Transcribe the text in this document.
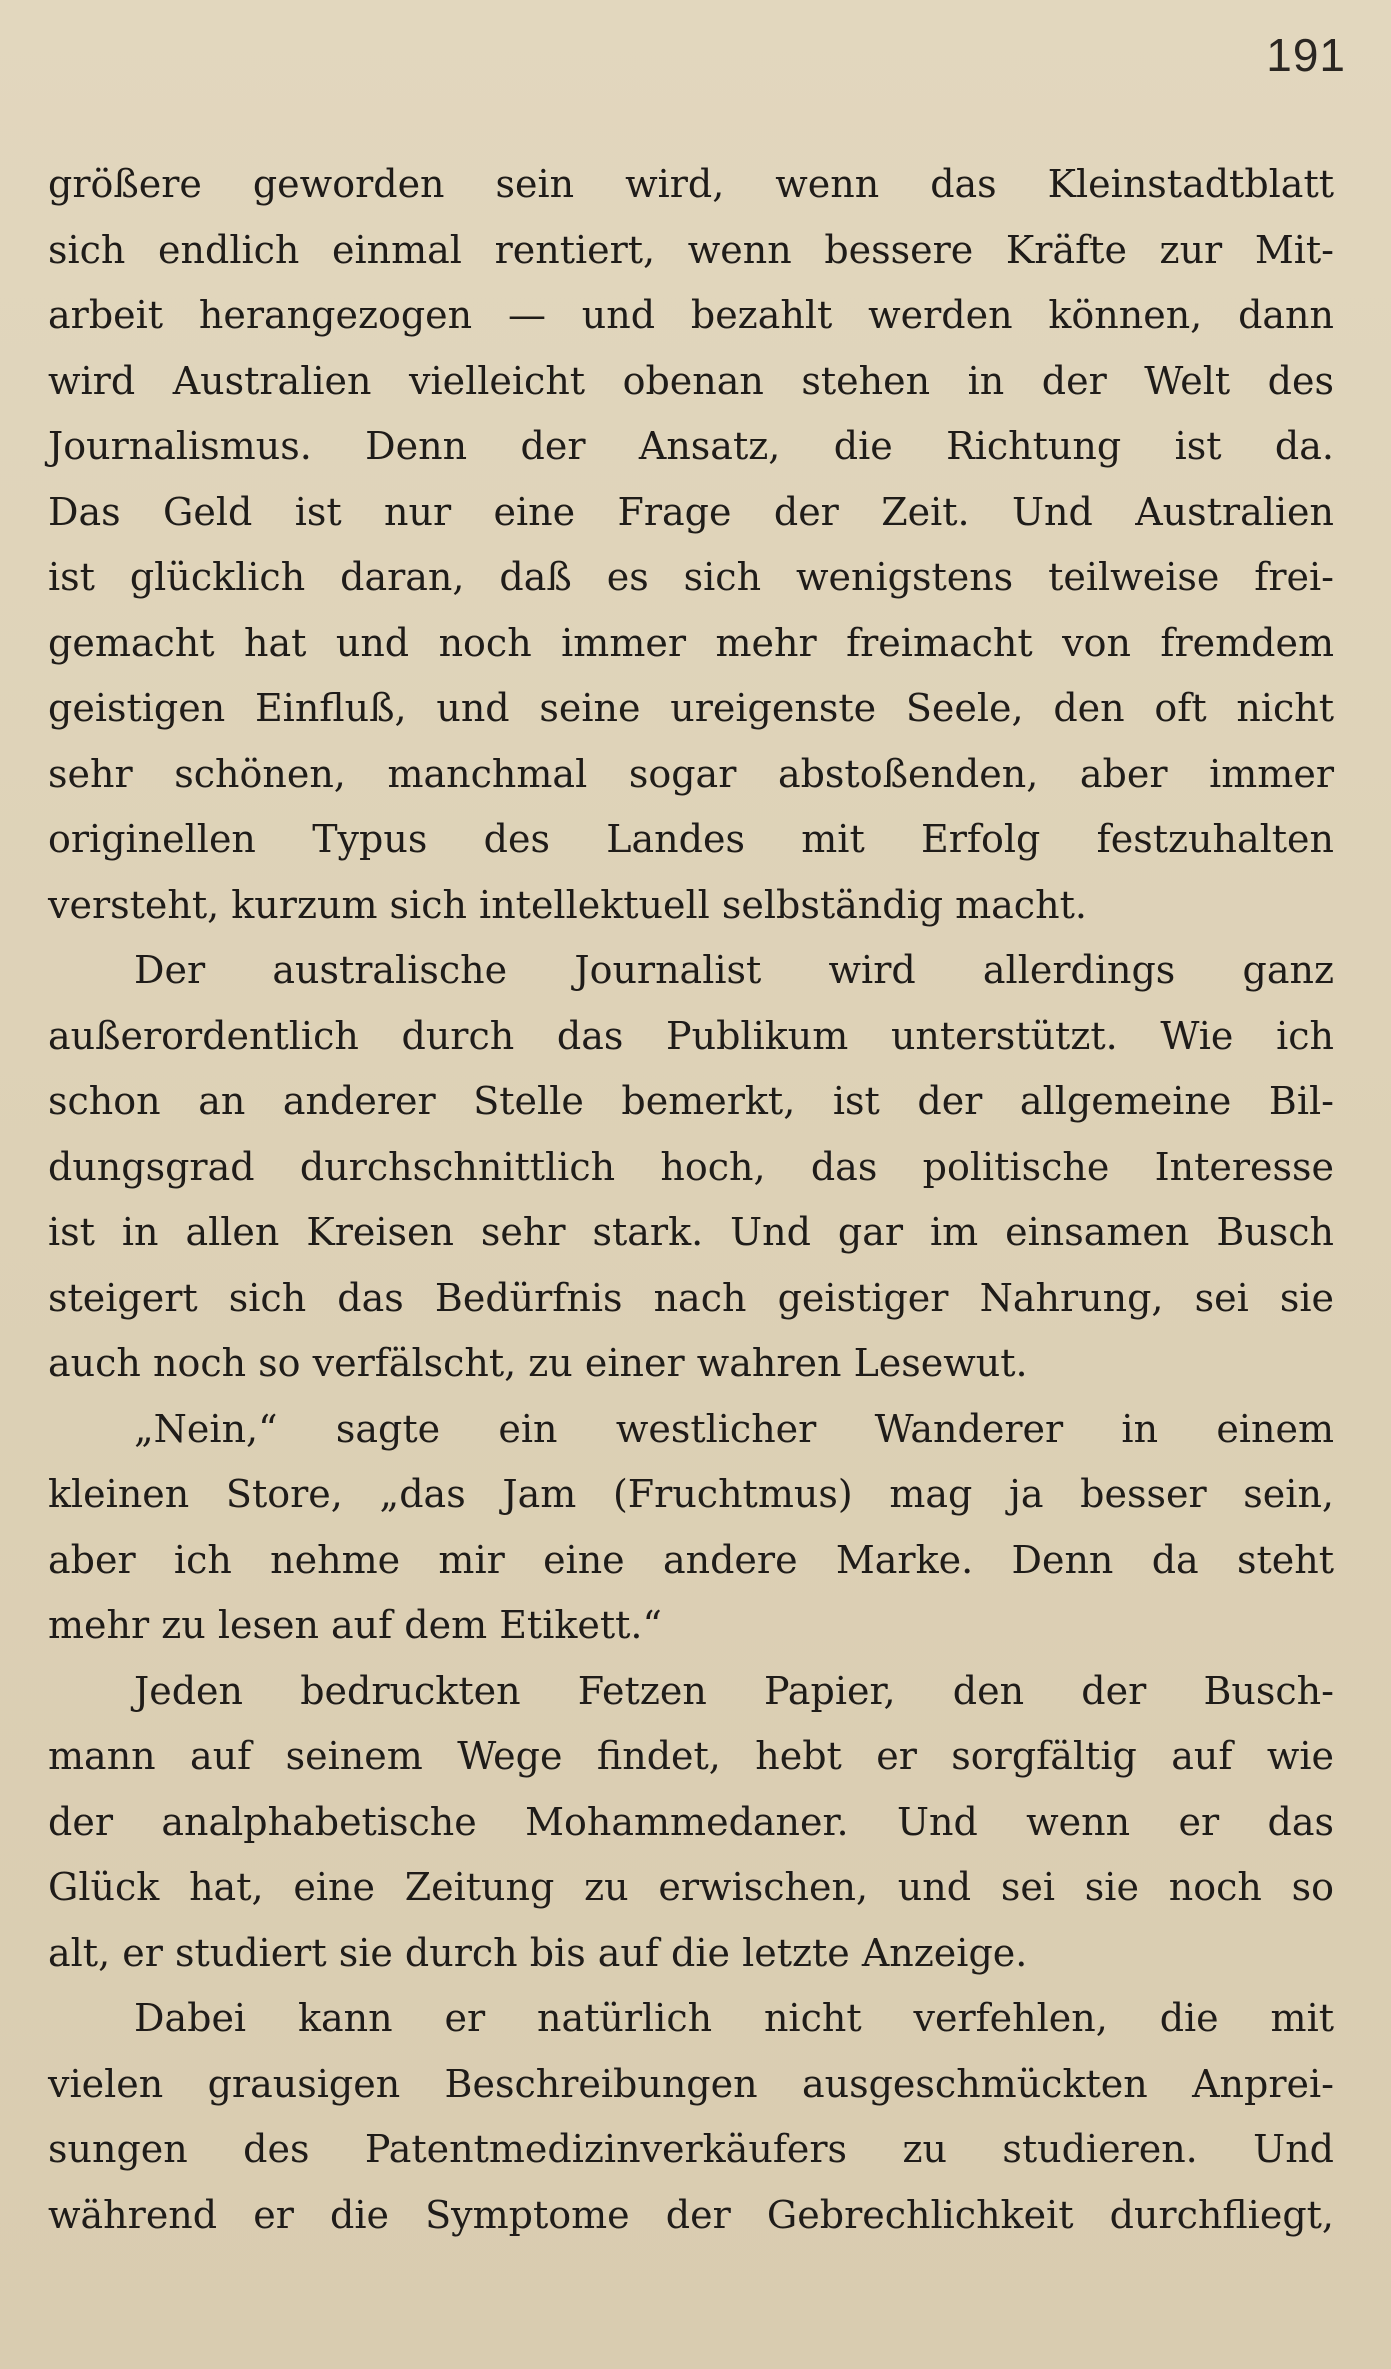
191
größere geworden sein wird, wenn das Kleinstadtblatt
sich endlich einmal rentiert, wenn bessere Kräfte zur Mit-
arbeit herangezogen — und bezahlt werden können, dann
wird Australien vielleicht obenan stehen in der Welt des
Journalismus. Denn der Ansatz, die Richtung ist da.
Das Geld ist nur eine Frage der Zeit. Und Australien
ist glücklich daran, daß es sich wenigstens teilweise frei-
gemacht hat und noch immer mehr freimacht von fremdem
geistigen Einfluß, und seine ureigenste Seele, den oft nicht
sehr schönen, manchmal sogar abstoßenden, aber immer
originellen Typus des Landes mit Erfolg festzuhalten
versteht, kurzum sich intellektuell selbständig macht.
Der australische Journalist wird allerdings ganz
außerordentlich durch das Publikum unterstützt. Wie ich
schon an anderer Stelle bemerkt, ist der allgemeine Bil-
dungsgrad durchschnittlich hoch, das politische Interesse
ist in allen Kreisen sehr stark. Und gar im einsamen Busch
steigert sich das Bedürfnis nach geistiger Nahrung, sei sie
auch noch so verfälscht, zu einer wahren Lesewut.
„Nein,“ sagte ein westlicher Wanderer in einem
kleinen Store, „das Jam (Fruchtmus) mag ja besser sein,
aber ich nehme mir eine andere Marke. Denn da steht
mehr zu lesen auf dem Etikett.“
Jeden bedruckten Fetzen Papier, den der Busch-
mann auf seinem Wege findet, hebt er sorgfältig auf wie
der analphabetische Mohammedaner. Und wenn er das
Glück hat, eine Zeitung zu erwischen, und sei sie noch so
alt, er studiert sie durch bis auf die letzte Anzeige.
Dabei kann er natürlich nicht verfehlen, die mit
vielen grausigen Beschreibungen ausgeschmückten Anprei-
sungen des Patentmedizinverkäufers zu studieren. Und
während er die Symptome der Gebrechlichkeit durchfliegt,
